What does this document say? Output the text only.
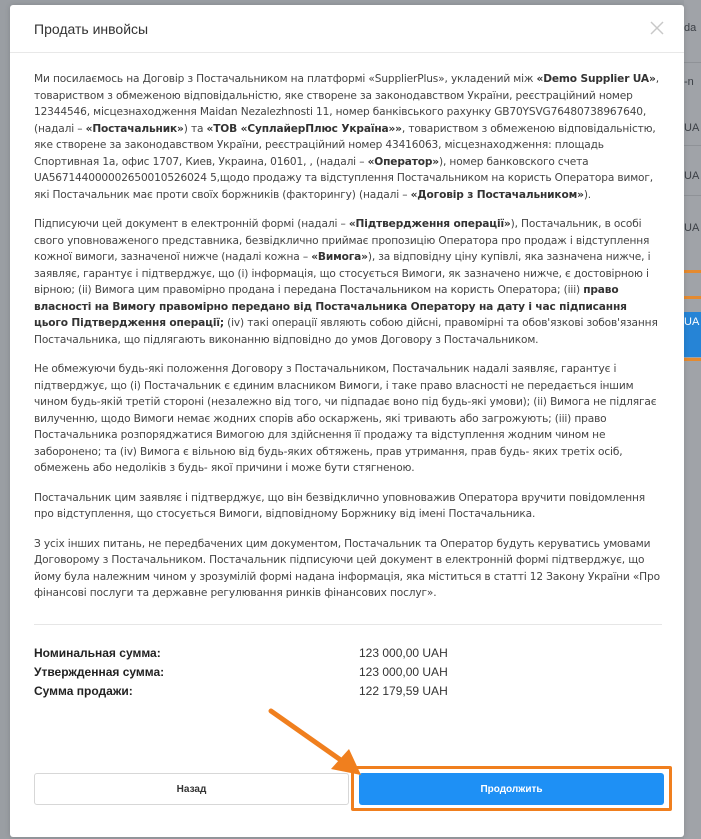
da
-n
UA
UA
UA
UA
Продать инвойсы

Ми посилаємось на Договір з Постачальником на платформі «SupplierPlus», укладений між «Demo Supplier UA», товариством з обмеженою відповідальністю, яке створене за законодавством України, реєстраційний номер 12344546, місцезнаходження Maidan Nezalezhnosti 11, номер банківського рахунку GB70YSVG76480738967640, (надалі – «Постачальник») та «ТОВ «СуплайерПлюс Україна»», товариством з обмеженою відповідальністю, яке створене за законодавством України, реєстраційний номер 43416063, місцезнаходження: площадь Спортивная 1а, офис 1707, Киев, Украина, 01601, , (надалі – «Оператор»), номер банковского счета UA567144000002650010526024 5,щодо продажу та відступлення Постачальником на користь Оператора вимог, які Постачальник має проти своїх боржників (факторингу) (надалі – «Договір з Постачальником»).

Підписуючи цей документ в електронній формі (надалі – «Підтвердження операції»), Постачальник, в особі свого уповноваженого представника, безвідкличнo приймає пропозицію Оператора про продаж і відступлення кожної вимоги, зазначеної нижче (надалі кожна – «Вимога»), за відповідну ціну купівлі, яка зазначена нижче, і заявляє, гарантує і підтверджує, що (i) інформація, що стосується Вимоги, як зазначено нижче, є достовірною і вірною; (ii) Вимога цим правомірно продана і передана Постачальником на користь Оператора; (iii) право власності на Вимогу правомірно передано від Постачальника Оператору на дату і час підписання цього Підтвердження операції; (iv) такі операції являють собою дійсні, правомірні та обов'язкові зобов'язання Постачальника, що підлягають виконанню відповідно до умов Договору з Постачальником.

Не обмежуючи будь-які положення Договору з Постачальником, Постачальник надалі заявляє, гарантує і підтверджує, що (i) Постачальник є єдиним власником Вимоги, і таке право власності не передається іншим чином будь-якій третій стороні (незалежно від того, чи підпадає воно під будь-які умови); (ii) Вимога не підлягає вилученню, щодо Вимоги немає жодних спорів або оскаржень, які тривають або загрожують; (iii) право Постачальника розпоряджатися Вимогою для здійснення її продажу та відступлення жодним чином не заборонено; та (iv) Вимога є вільною від будь-яких обтяжень, прав утримання, прав будь- яких третіх осіб, обмежень або недоліків з будь- якої причини і може бути стягненою.

Постачальник цим заявляє і підтверджує, що він безвідкличнo уповноважив Оператора вручити повідомлення про відступлення, що стосується Вимоги, відповідному Боржнику від імені Постачальника.

З усіх інших питань, не передбачених цим документом, Постачальник та Оператор будуть керуватись умовами Договорому з Постачальником. Постачальник підписуючи цей документ в електронній формі підтверджує, що йому була належним чином у зрозумілій формі надана інформація, яка міститься в статті 12 Закону України «Про фінансові послуги та державне регулювання ринків фінансових послуг».

Номинальная сумма:	123 000,00 UAH
Утвержденная сумма:	123 000,00 UAH
Сумма продажи:	122 179,59 UAH
Назад	Продолжить
